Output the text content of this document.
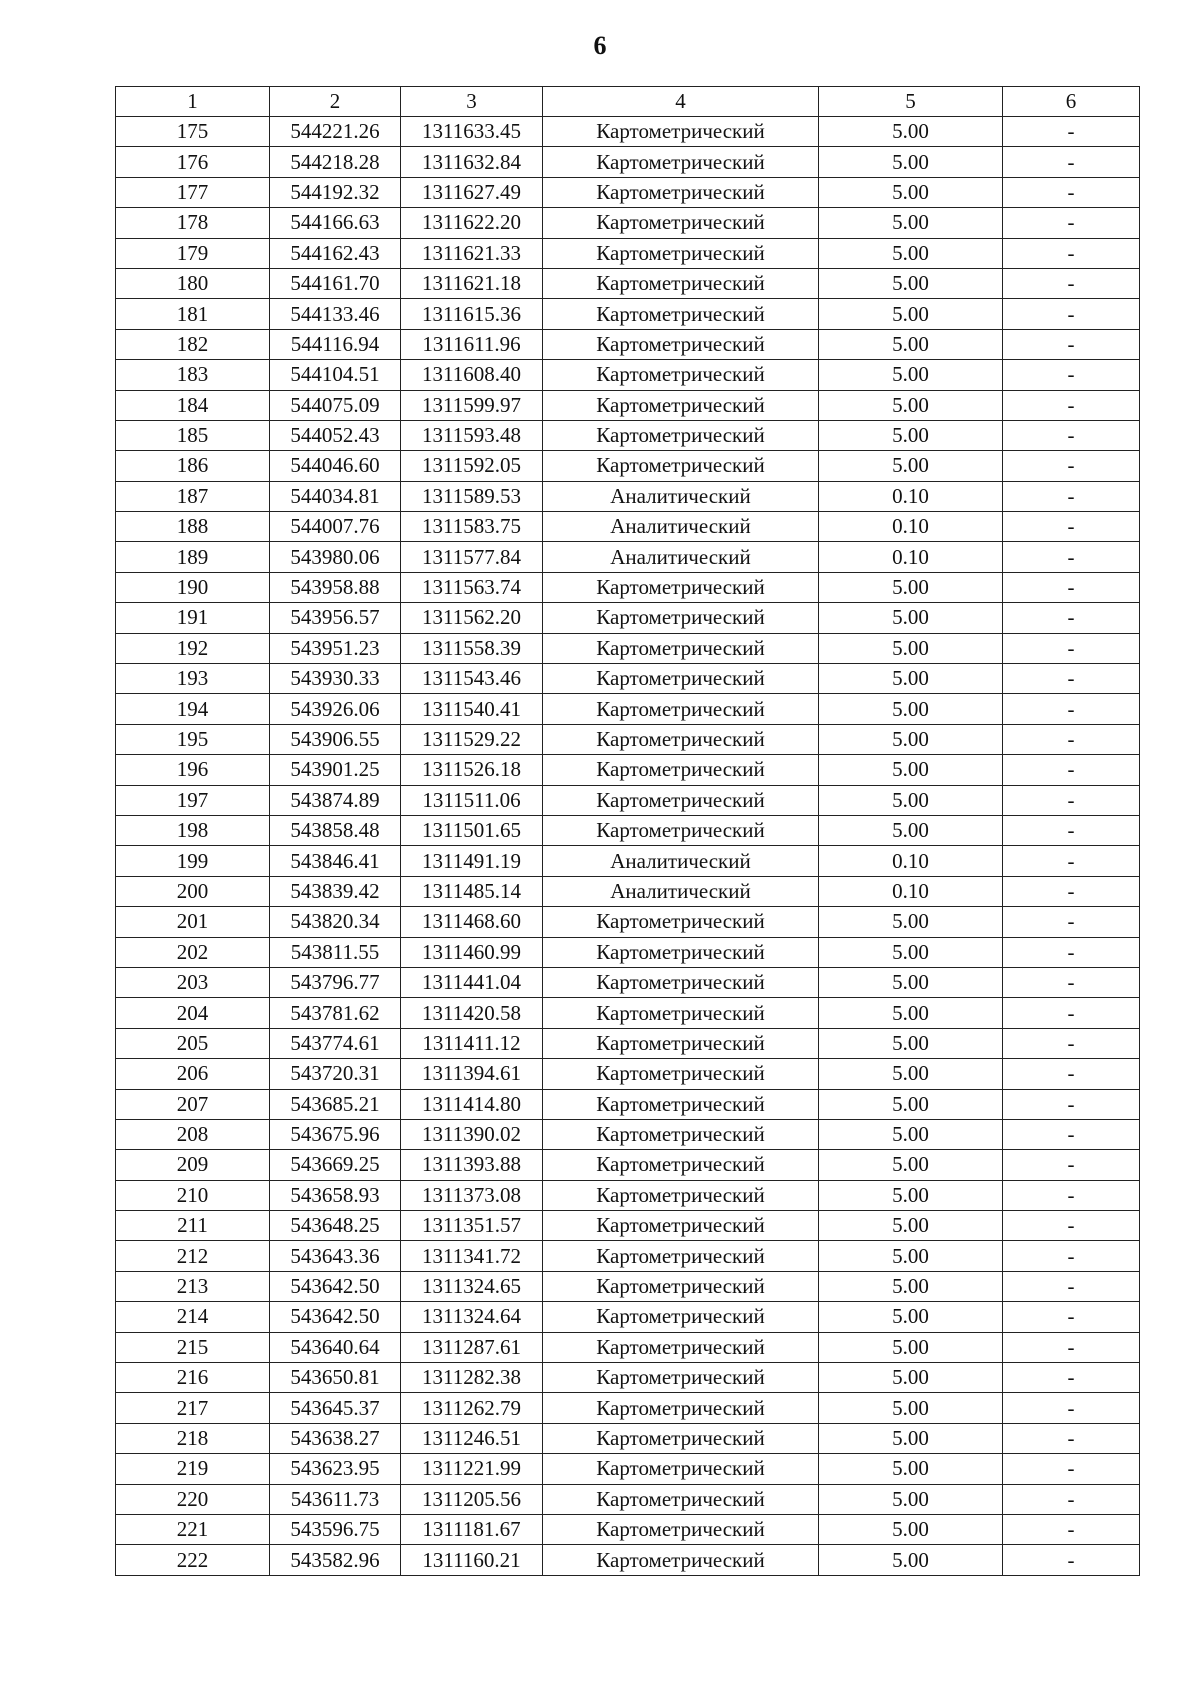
6
1	2	3	4	5	6
175	544221.26	1311633.45	Картометрический	5.00	-
176	544218.28	1311632.84	Картометрический	5.00	-
177	544192.32	1311627.49	Картометрический	5.00	-
178	544166.63	1311622.20	Картометрический	5.00	-
179	544162.43	1311621.33	Картометрический	5.00	-
180	544161.70	1311621.18	Картометрический	5.00	-
181	544133.46	1311615.36	Картометрический	5.00	-
182	544116.94	1311611.96	Картометрический	5.00	-
183	544104.51	1311608.40	Картометрический	5.00	-
184	544075.09	1311599.97	Картометрический	5.00	-
185	544052.43	1311593.48	Картометрический	5.00	-
186	544046.60	1311592.05	Картометрический	5.00	-
187	544034.81	1311589.53	Аналитический	0.10	-
188	544007.76	1311583.75	Аналитический	0.10	-
189	543980.06	1311577.84	Аналитический	0.10	-
190	543958.88	1311563.74	Картометрический	5.00	-
191	543956.57	1311562.20	Картометрический	5.00	-
192	543951.23	1311558.39	Картометрический	5.00	-
193	543930.33	1311543.46	Картометрический	5.00	-
194	543926.06	1311540.41	Картометрический	5.00	-
195	543906.55	1311529.22	Картометрический	5.00	-
196	543901.25	1311526.18	Картометрический	5.00	-
197	543874.89	1311511.06	Картометрический	5.00	-
198	543858.48	1311501.65	Картометрический	5.00	-
199	543846.41	1311491.19	Аналитический	0.10	-
200	543839.42	1311485.14	Аналитический	0.10	-
201	543820.34	1311468.60	Картометрический	5.00	-
202	543811.55	1311460.99	Картометрический	5.00	-
203	543796.77	1311441.04	Картометрический	5.00	-
204	543781.62	1311420.58	Картометрический	5.00	-
205	543774.61	1311411.12	Картометрический	5.00	-
206	543720.31	1311394.61	Картометрический	5.00	-
207	543685.21	1311414.80	Картометрический	5.00	-
208	543675.96	1311390.02	Картометрический	5.00	-
209	543669.25	1311393.88	Картометрический	5.00	-
210	543658.93	1311373.08	Картометрический	5.00	-
211	543648.25	1311351.57	Картометрический	5.00	-
212	543643.36	1311341.72	Картометрический	5.00	-
213	543642.50	1311324.65	Картометрический	5.00	-
214	543642.50	1311324.64	Картометрический	5.00	-
215	543640.64	1311287.61	Картометрический	5.00	-
216	543650.81	1311282.38	Картометрический	5.00	-
217	543645.37	1311262.79	Картометрический	5.00	-
218	543638.27	1311246.51	Картометрический	5.00	-
219	543623.95	1311221.99	Картометрический	5.00	-
220	543611.73	1311205.56	Картометрический	5.00	-
221	543596.75	1311181.67	Картометрический	5.00	-
222	543582.96	1311160.21	Картометрический	5.00	-
